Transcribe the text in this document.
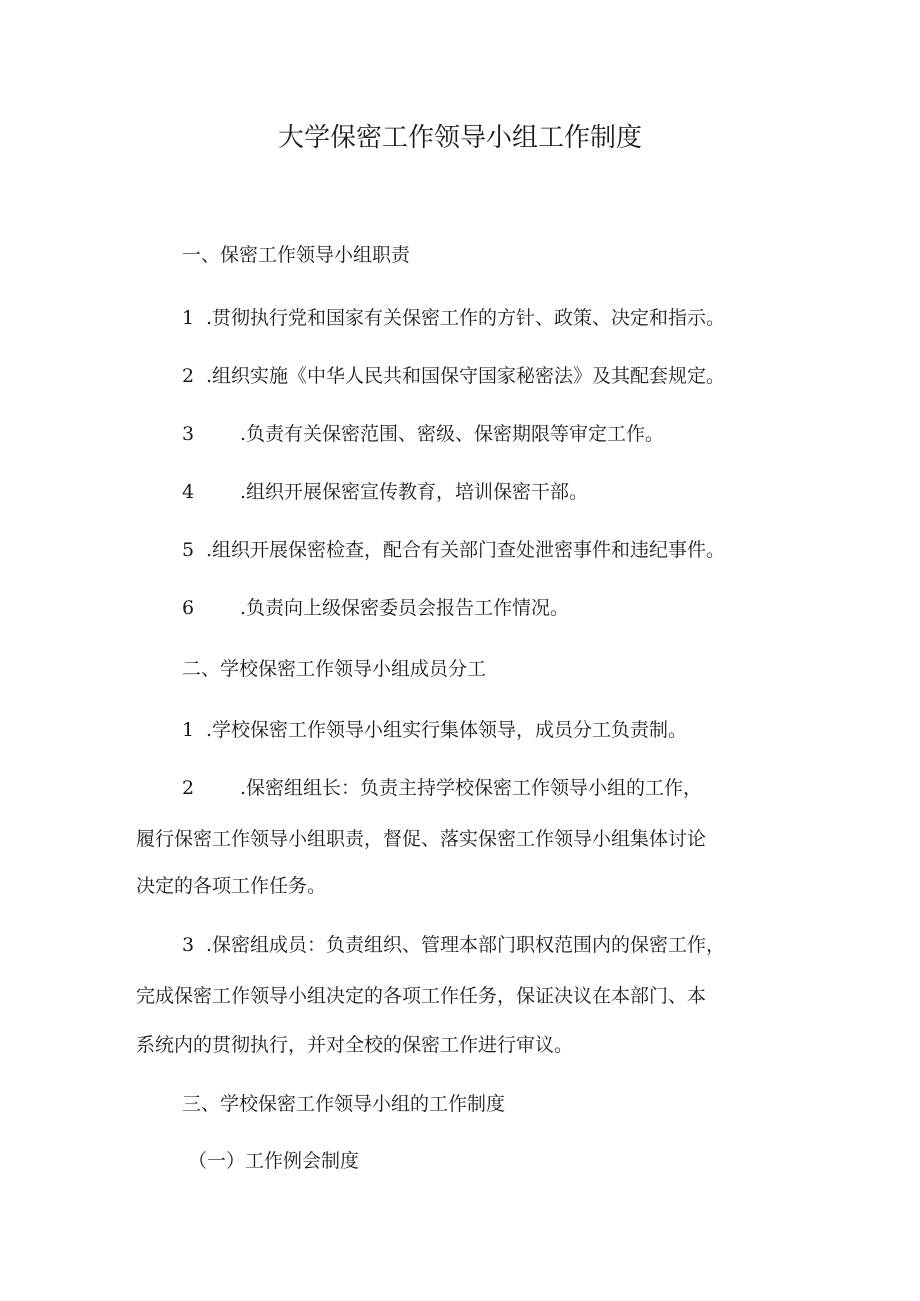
大学保密工作领导小组工作制度

一、保密工作领导小组职责

1 .贯彻执行党和国家有关保密工作的方针、政策、决定和指示。

2 .组织实施《中华人民共和国保守国家秘密法》及其配套规定。

3 .负责有关保密范围、密级、保密期限等审定工作。

4 .组织开展保密宣传教育，培训保密干部。

5 .组织开展保密检查，配合有关部门查处泄密事件和违纪事件。

6 .负责向上级保密委员会报告工作情况。

二、学校保密工作领导小组成员分工

1 .学校保密工作领导小组实行集体领导，成员分工负责制。

2 .保密组组长：负责主持学校保密工作领导小组的工作，

履行保密工作领导小组职责，督促、落实保密工作领导小组集体讨论

决定的各项工作任务。

3 .保密组成员：负责组织、管理本部门职权范围内的保密工作，

完成保密工作领导小组决定的各项工作任务，保证决议在本部门、本

系统内的贯彻执行，并对全校的保密工作进行审议。

三、学校保密工作领导小组的工作制度

（一）工作例会制度
